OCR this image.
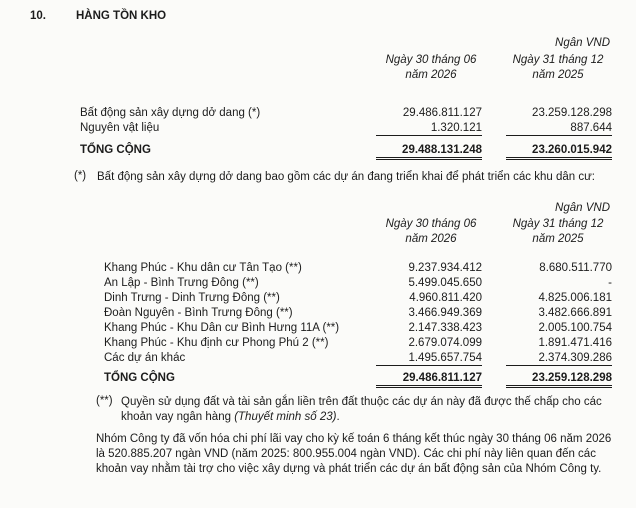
10.	HÀNG TỒN KHO
Ngân VND
Ngày 30 tháng 06
năm 2026
Ngày 31 tháng 12
năm 2025
Bất động sản xây dựng dở dang (*)	29.486.811.127	23.259.128.298
Nguyên vật liệu	1.320.121	887.644
TỔNG CỘNG	29.488.131.248	23.260.015.942
(*) Bất động sản xây dựng dở dang bao gồm các dự án đang triển khai để phát triển các khu dân cư:
Ngân VND
Ngày 30 tháng 06
năm 2026
Ngày 31 tháng 12
năm 2025
Khang Phúc - Khu dân cư Tân Tạo (**)	9.237.934.412	8.680.511.770
An Lập - Bình Trưng Đông (**)	5.499.045.650	-
Dinh Trưng - Dinh Trưng Đông (**)	4.960.811.420	4.825.006.181
Đoàn Nguyên - Bình Trưng Đông (**)	3.466.949.369	3.482.666.891
Khang Phúc - Khu Dân cư Bình Hưng 11A (**)	2.147.338.423	2.005.100.754
Khang Phúc - Khu định cư Phong Phú 2 (**)	2.679.074.099	1.891.471.416
Các dự án khác	1.495.657.754	2.374.309.286
TỔNG CỘNG	29.486.811.127	23.259.128.298
(**) Quyền sử dụng đất và tài sản gắn liền trên đất thuộc các dự án này đã được thế chấp cho các khoản vay ngân hàng (Thuyết minh số 23).
Nhóm Công ty đã vốn hóa chi phí lãi vay cho kỳ kế toán 6 tháng kết thúc ngày 30 tháng 06 năm 2026 là 520.885.207 ngàn VND (năm 2025: 800.955.004 ngàn VND). Các chi phí này liên quan đến các khoản vay nhằm tài trợ cho việc xây dựng và phát triển các dự án bất động sản của Nhóm Công ty.
